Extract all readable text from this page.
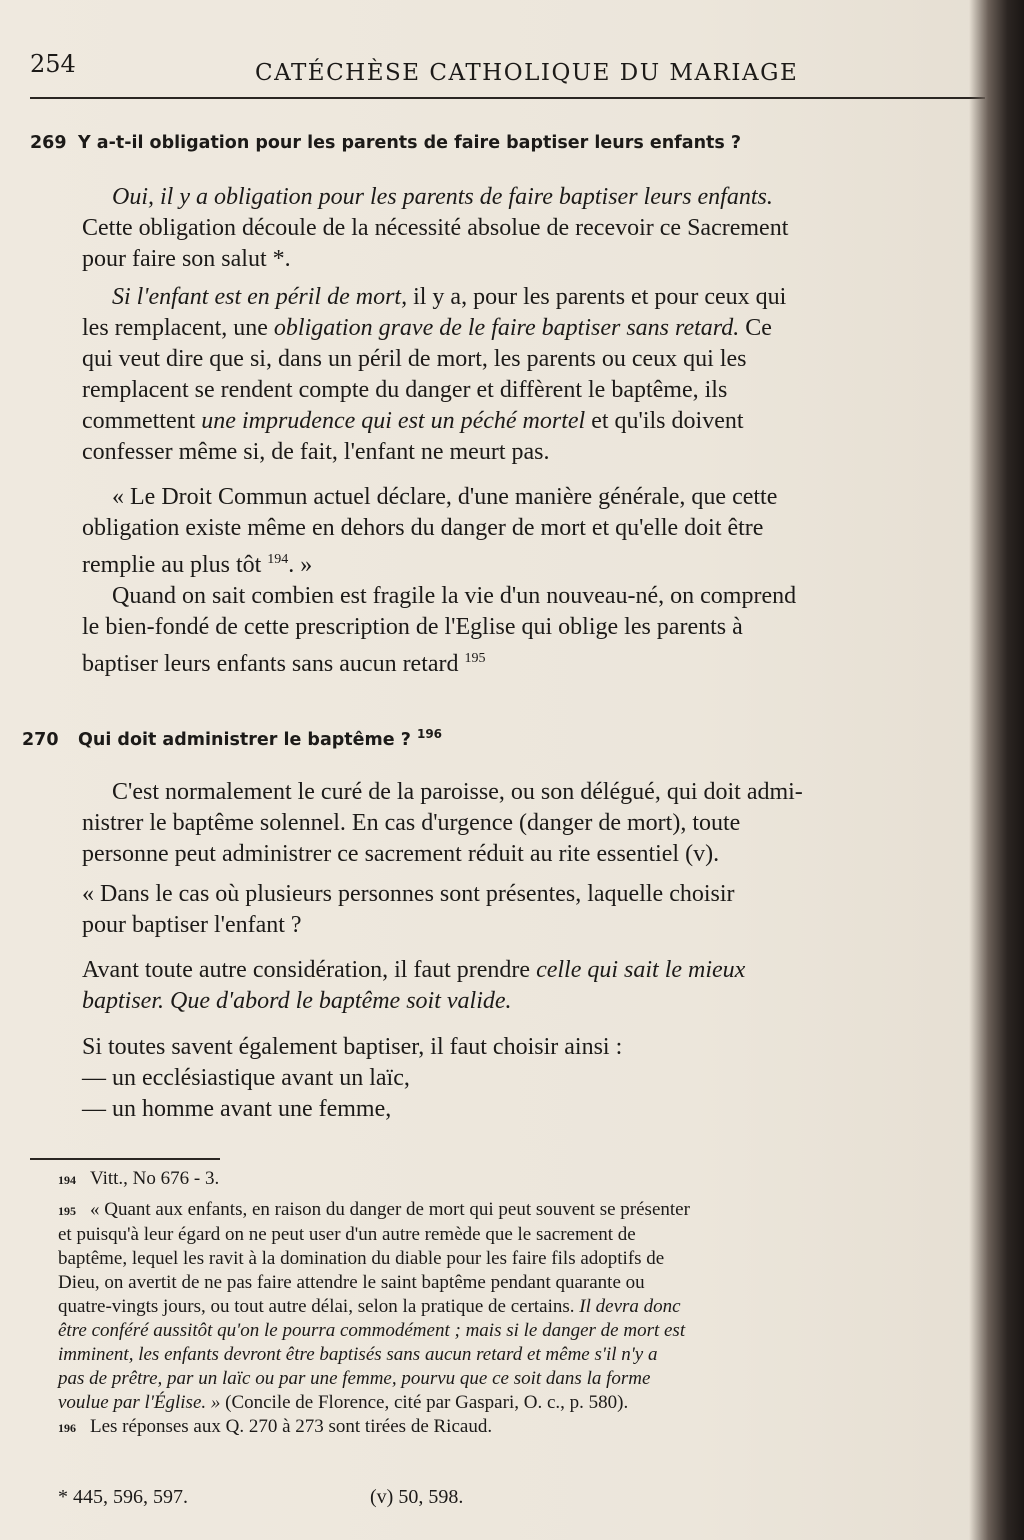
254	CATÉCHÈSE CATHOLIQUE DU MARIAGE
269 Y a-t-il obligation pour les parents de faire baptiser leurs enfants ?
Oui, il y a obligation pour les parents de faire baptiser leurs enfants.
Cette obligation découle de la nécessité absolue de recevoir ce Sacrement
pour faire son salut *.
Si l'enfant est en péril de mort, il y a, pour les parents et pour ceux qui
les remplacent, une obligation grave de le faire baptiser sans retard. Ce
qui veut dire que si, dans un péril de mort, les parents ou ceux qui les
remplacent se rendent compte du danger et diffèrent le baptême, ils
commettent une imprudence qui est un péché mortel et qu'ils doivent
confesser même si, de fait, l'enfant ne meurt pas.
« Le Droit Commun actuel déclare, d'une manière générale, que cette
obligation existe même en dehors du danger de mort et qu'elle doit être
remplie au plus tôt $^{194}$. »
Quand on sait combien est fragile la vie d'un nouveau-né, on comprend
le bien-fondé de cette prescription de l'Eglise qui oblige les parents à
baptiser leurs enfants sans aucun retard $^{195}$
270 Qui doit administrer le baptême ? $^{196}$
C'est normalement le curé de la paroisse, ou son délégué, qui doit admi-
nistrer le baptême solennel. En cas d'urgence (danger de mort), toute
personne peut administrer ce sacrement réduit au rite essentiel (v).
« Dans le cas où plusieurs personnes sont présentes, laquelle choisir
pour baptiser l'enfant ?
Avant toute autre considération, il faut prendre celle qui sait le mieux
baptiser. Que d'abord le baptême soit valide.
Si toutes savent également baptiser, il faut choisir ainsi :
— un ecclésiastique avant un laïc,
— un homme avant une femme,
194 Vitt., No 676 - 3.
195 « Quant aux enfants, en raison du danger de mort qui peut souvent se présenter
et puisqu'à leur égard on ne peut user d'un autre remède que le sacrement de
baptême, lequel les ravit à la domination du diable pour les faire fils adoptifs de
Dieu, on avertit de ne pas faire attendre le saint baptême pendant quarante ou
quatre-vingts jours, ou tout autre délai, selon la pratique de certains. Il devra donc
être conféré aussitôt qu'on le pourra commodément ; mais si le danger de mort est
imminent, les enfants devront être baptisés sans aucun retard et même s'il n'y a
pas de prêtre, par un laïc ou par une femme, pourvu que ce soit dans la forme
voulue par l'Église. » (Concile de Florence, cité par Gaspari, O. c., p. 580).
196 Les réponses aux Q. 270 à 273 sont tirées de Ricaud.
* 445, 596, 597.	(v) 50, 598.
